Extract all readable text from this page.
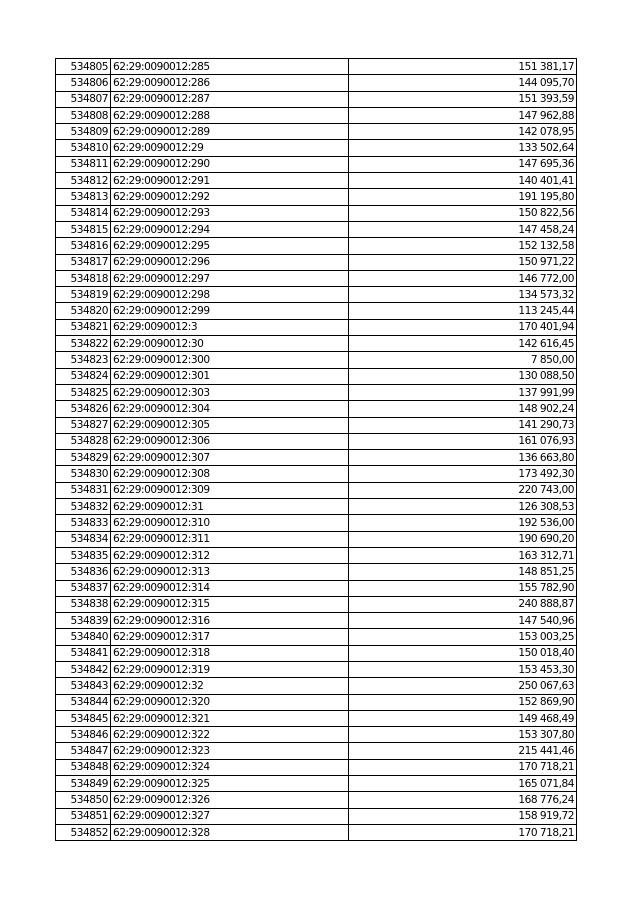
534805	62:29:0090012:285	151 381,17
534806	62:29:0090012:286	144 095,70
534807	62:29:0090012:287	151 393,59
534808	62:29:0090012:288	147 962,88
534809	62:29:0090012:289	142 078,95
534810	62:29:0090012:29	133 502,64
534811	62:29:0090012:290	147 695,36
534812	62:29:0090012:291	140 401,41
534813	62:29:0090012:292	191 195,80
534814	62:29:0090012:293	150 822,56
534815	62:29:0090012:294	147 458,24
534816	62:29:0090012:295	152 132,58
534817	62:29:0090012:296	150 971,22
534818	62:29:0090012:297	146 772,00
534819	62:29:0090012:298	134 573,32
534820	62:29:0090012:299	113 245,44
534821	62:29:0090012:3	170 401,94
534822	62:29:0090012:30	142 616,45
534823	62:29:0090012:300	7 850,00
534824	62:29:0090012:301	130 088,50
534825	62:29:0090012:303	137 991,99
534826	62:29:0090012:304	148 902,24
534827	62:29:0090012:305	141 290,73
534828	62:29:0090012:306	161 076,93
534829	62:29:0090012:307	136 663,80
534830	62:29:0090012:308	173 492,30
534831	62:29:0090012:309	220 743,00
534832	62:29:0090012:31	126 308,53
534833	62:29:0090012:310	192 536,00
534834	62:29:0090012:311	190 690,20
534835	62:29:0090012:312	163 312,71
534836	62:29:0090012:313	148 851,25
534837	62:29:0090012:314	155 782,90
534838	62:29:0090012:315	240 888,87
534839	62:29:0090012:316	147 540,96
534840	62:29:0090012:317	153 003,25
534841	62:29:0090012:318	150 018,40
534842	62:29:0090012:319	153 453,30
534843	62:29:0090012:32	250 067,63
534844	62:29:0090012:320	152 869,90
534845	62:29:0090012:321	149 468,49
534846	62:29:0090012:322	153 307,80
534847	62:29:0090012:323	215 441,46
534848	62:29:0090012:324	170 718,21
534849	62:29:0090012:325	165 071,84
534850	62:29:0090012:326	168 776,24
534851	62:29:0090012:327	158 919,72
534852	62:29:0090012:328	170 718,21
